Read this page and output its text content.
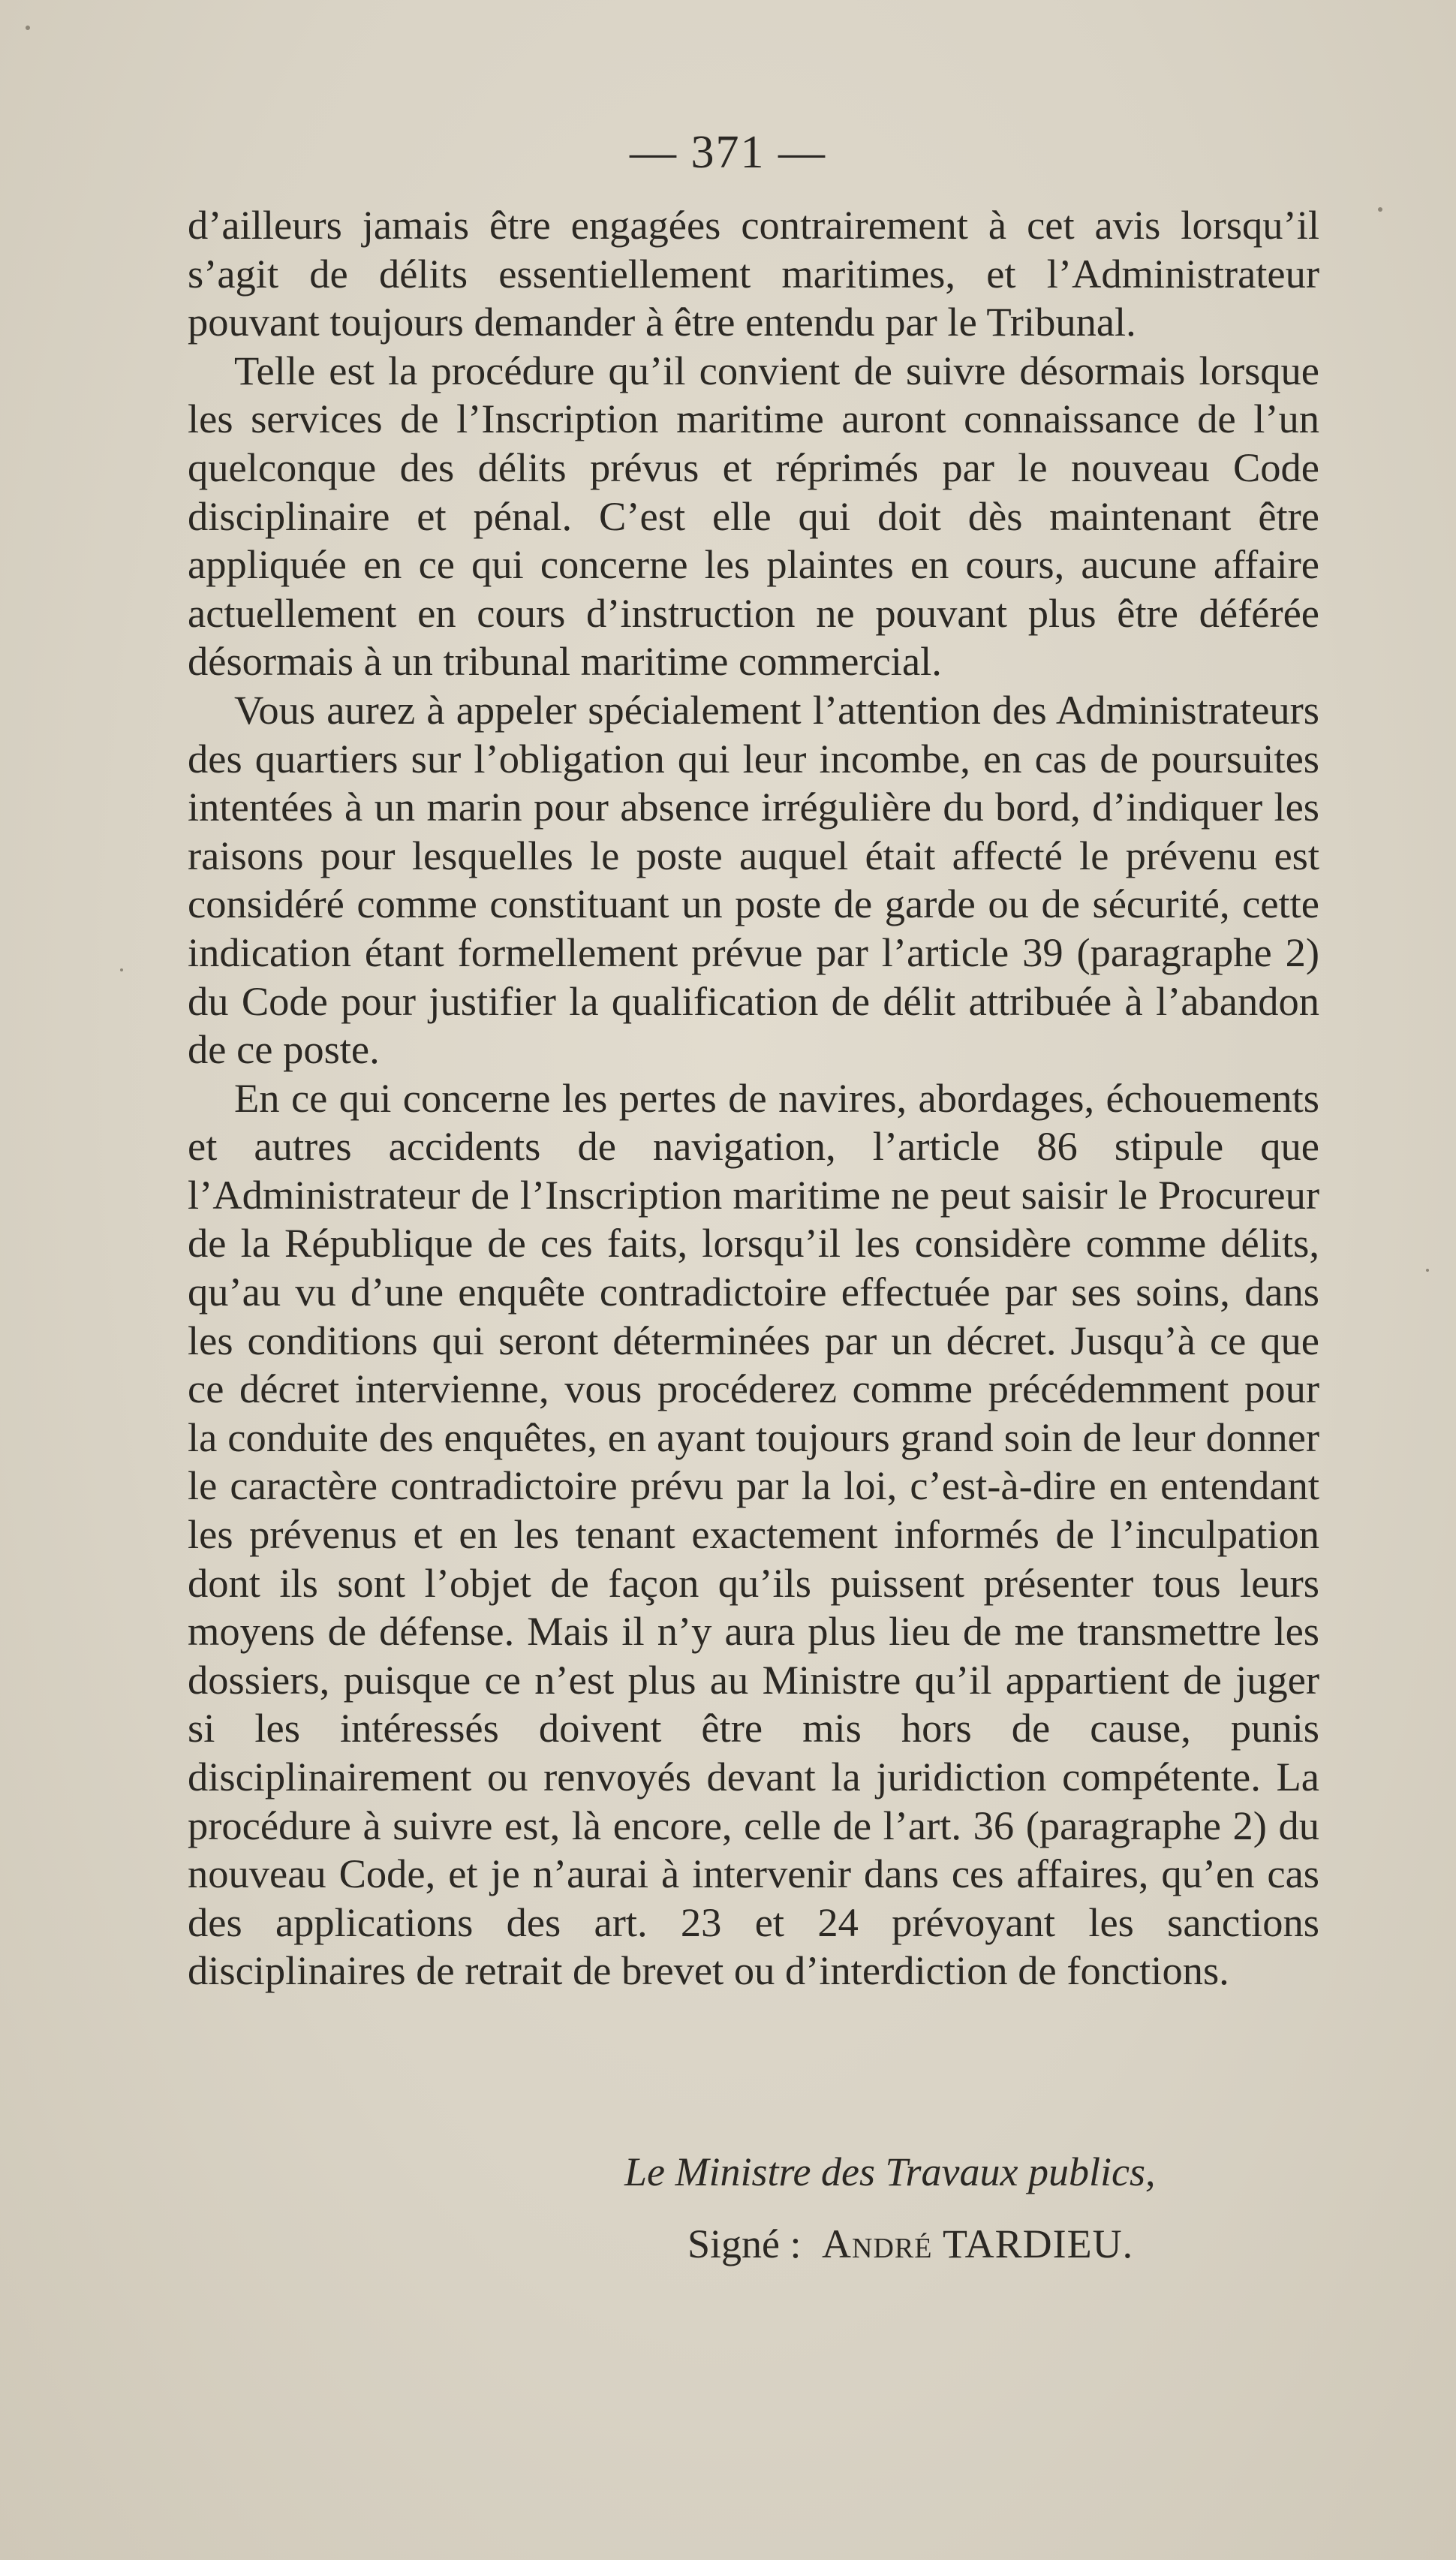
— 371 —

d’ailleurs jamais être engagées contrairement à cet avis lorsqu’il s’agit de délits essentiellement maritimes, et l’Administrateur pouvant toujours demander à être entendu par le Tribunal.

Telle est la procédure qu’il convient de suivre désormais lorsque les services de l’Inscription maritime auront connaissance de l’un quelconque des délits prévus et réprimés par le nouveau Code disciplinaire et pénal. C’est elle qui doit dès maintenant être appliquée en ce qui concerne les plaintes en cours, aucune affaire actuellement en cours d’instruction ne pouvant plus être déférée désormais à un tribunal maritime commercial.

Vous aurez à appeler spécialement l’attention des Administrateurs des quartiers sur l’obligation qui leur incombe, en cas de poursuites intentées à un marin pour absence irrégulière du bord, d’indiquer les raisons pour lesquelles le poste auquel était affecté le prévenu est considéré comme constituant un poste de garde ou de sécurité, cette indication étant formellement prévue par l’article 39 (paragraphe 2) du Code pour justifier la qualification de délit attribuée à l’abandon de ce poste.

En ce qui concerne les pertes de navires, abordages, échouements et autres accidents de navigation, l’article 86 stipule que l’Administrateur de l’Inscription maritime ne peut saisir le Procureur de la République de ces faits, lorsqu’il les considère comme délits, qu’au vu d’une enquête contradictoire effectuée par ses soins, dans les conditions qui seront déterminées par un décret. Jusqu’à ce que ce décret intervienne, vous procéderez comme précédemment pour la conduite des enquêtes, en ayant toujours grand soin de leur donner le caractère contradictoire prévu par la loi, c’est-à-dire en entendant les prévenus et en les tenant exactement informés de l’inculpation dont ils sont l’objet de façon qu’ils puissent présenter tous leurs moyens de défense. Mais il n’y aura plus lieu de me transmettre les dossiers, puisque ce n’est plus au Ministre qu’il appartient de juger si les intéressés doivent être mis hors de cause, punis disciplinairement ou renvoyés devant la juridiction compétente. La procédure à suivre est, là encore, celle de l’art. 36 (paragraphe 2) du nouveau Code, et je n’aurai à intervenir dans ces affaires, qu’en cas des applications des art. 23 et 24 prévoyant les sanctions disciplinaires de retrait de brevet ou d’interdiction de fonctions.

Le Ministre des Travaux publics,
Signé : André TARDIEU.
